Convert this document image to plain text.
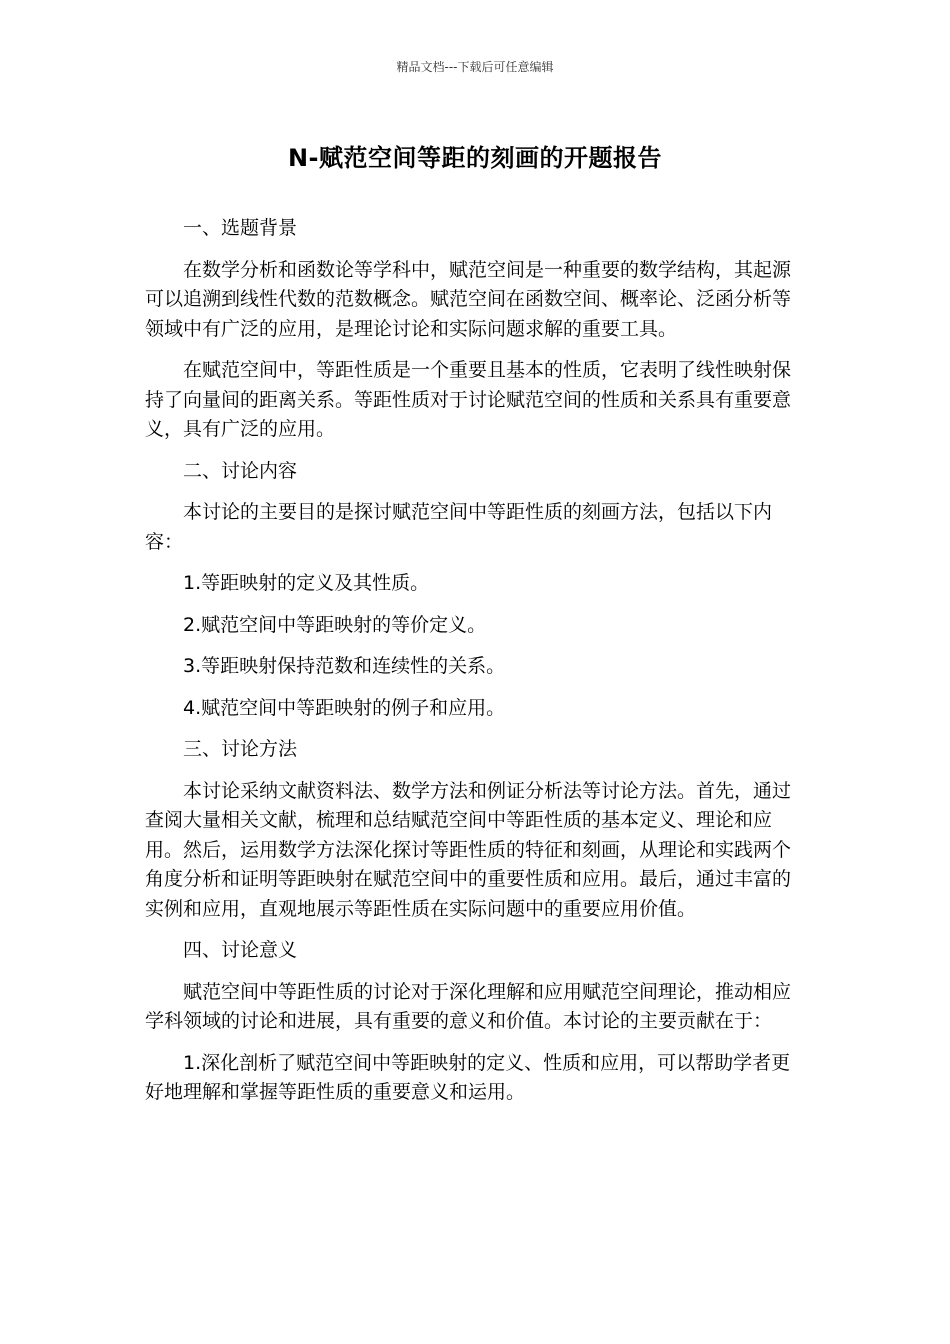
精品文档---下载后可任意编辑
N-赋范空间等距的刻画的开题报告
一、选题背景

在数学分析和函数论等学科中，赋范空间是一种重要的数学结构，其起源可以追溯到线性代数的范数概念。赋范空间在函数空间、概率论、泛函分析等领域中有广泛的应用，是理论讨论和实际问题求解的重要工具。

在赋范空间中，等距性质是一个重要且基本的性质，它表明了线性映射保持了向量间的距离关系。等距性质对于讨论赋范空间的性质和关系具有重要意义，具有广泛的应用。

二、讨论内容

本讨论的主要目的是探讨赋范空间中等距性质的刻画方法，包括以下内容：

1.等距映射的定义及其性质。

2.赋范空间中等距映射的等价定义。

3.等距映射保持范数和连续性的关系。

4.赋范空间中等距映射的例子和应用。

三、讨论方法

本讨论采纳文献资料法、数学方法和例证分析法等讨论方法。首先，通过查阅大量相关文献，梳理和总结赋范空间中等距性质的基本定义、理论和应用。然后，运用数学方法深化探讨等距性质的特征和刻画，从理论和实践两个角度分析和证明等距映射在赋范空间中的重要性质和应用。最后，通过丰富的实例和应用，直观地展示等距性质在实际问题中的重要应用价值。

四、讨论意义

赋范空间中等距性质的讨论对于深化理解和应用赋范空间理论，推动相应学科领域的讨论和进展，具有重要的意义和价值。本讨论的主要贡献在于：

1.深化剖析了赋范空间中等距映射的定义、性质和应用，可以帮助学者更好地理解和掌握等距性质的重要意义和运用。
